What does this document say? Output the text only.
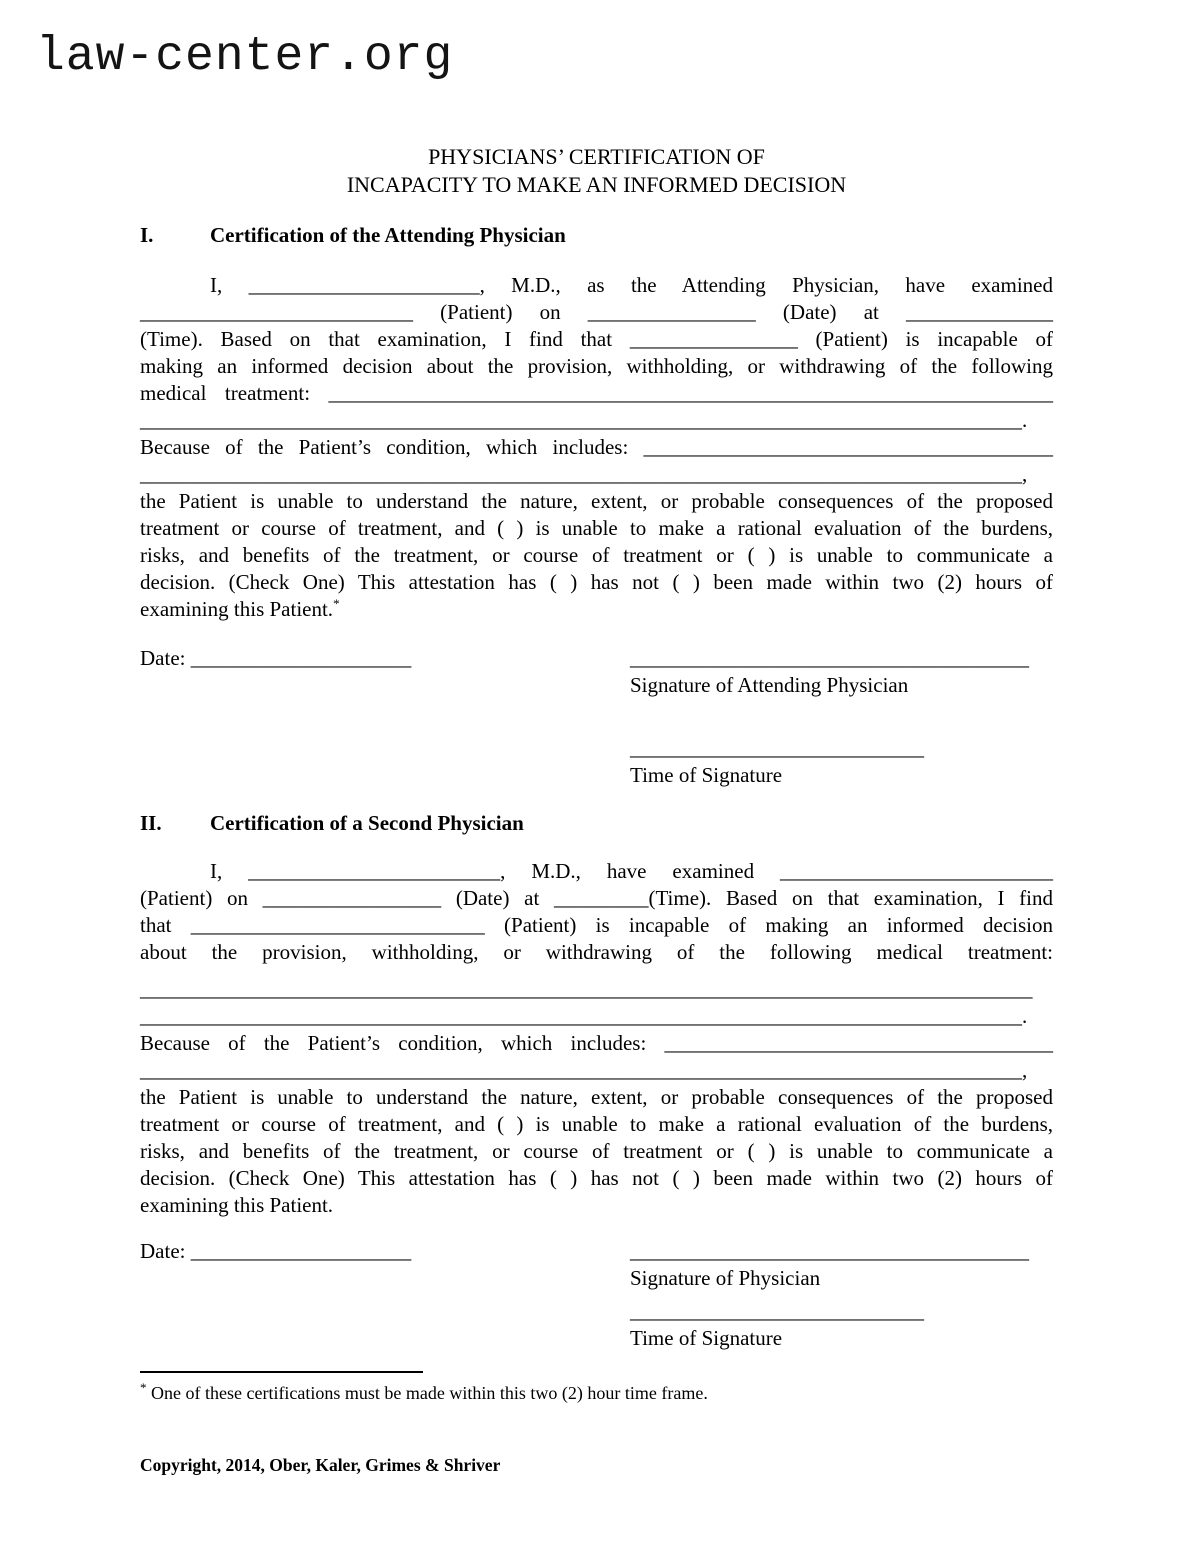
law-center.org
PHYSICIANS’ CERTIFICATION OF
INCAPACITY TO MAKE AN INFORMED DECISION
I.	Certification of the Attending Physician
I, ______________________, M.D., as the Attending Physician, have examined
__________________________ (Patient) on ________________ (Date) at ______________
(Time). Based on that examination, I find that ________________ (Patient) is incapable of
making an informed decision about the provision, withholding, or withdrawing of the following
medical treatment: _____________________________________________________________________
____________________________________________________________________________________.
Because of the Patient’s condition, which includes: _______________________________________
____________________________________________________________________________________,
the Patient is unable to understand the nature, extent, or probable consequences of the proposed
treatment or course of treatment, and ( ) is unable to make a rational evaluation of the burdens,
risks, and benefits of the treatment, or course of treatment or ( ) is unable to communicate a
decision. (Check One) This attestation has ( ) has not ( ) been made within two (2) hours of
examining this Patient.*
Date: _____________________	______________________________________
Signature of Attending Physician
____________________________
Time of Signature
II.	Certification of a Second Physician
I, ________________________, M.D., have examined __________________________
(Patient) on _________________ (Date) at _________(Time). Based on that examination, I find
that ____________________________ (Patient) is incapable of making an informed decision
about the provision, withholding, or withdrawing of the following medical treatment:
_____________________________________________________________________________________
____________________________________________________________________________________.
Because of the Patient’s condition, which includes: _____________________________________
____________________________________________________________________________________,
the Patient is unable to understand the nature, extent, or probable consequences of the proposed
treatment or course of treatment, and ( ) is unable to make a rational evaluation of the burdens,
risks, and benefits of the treatment, or course of treatment or ( ) is unable to communicate a
decision. (Check One) This attestation has ( ) has not ( ) been made within two (2) hours of
examining this Patient.
Date: _____________________	______________________________________
Signature of Physician
____________________________
Time of Signature
* One of these certifications must be made within this two (2) hour time frame.
Copyright, 2014, Ober, Kaler, Grimes & Shriver
